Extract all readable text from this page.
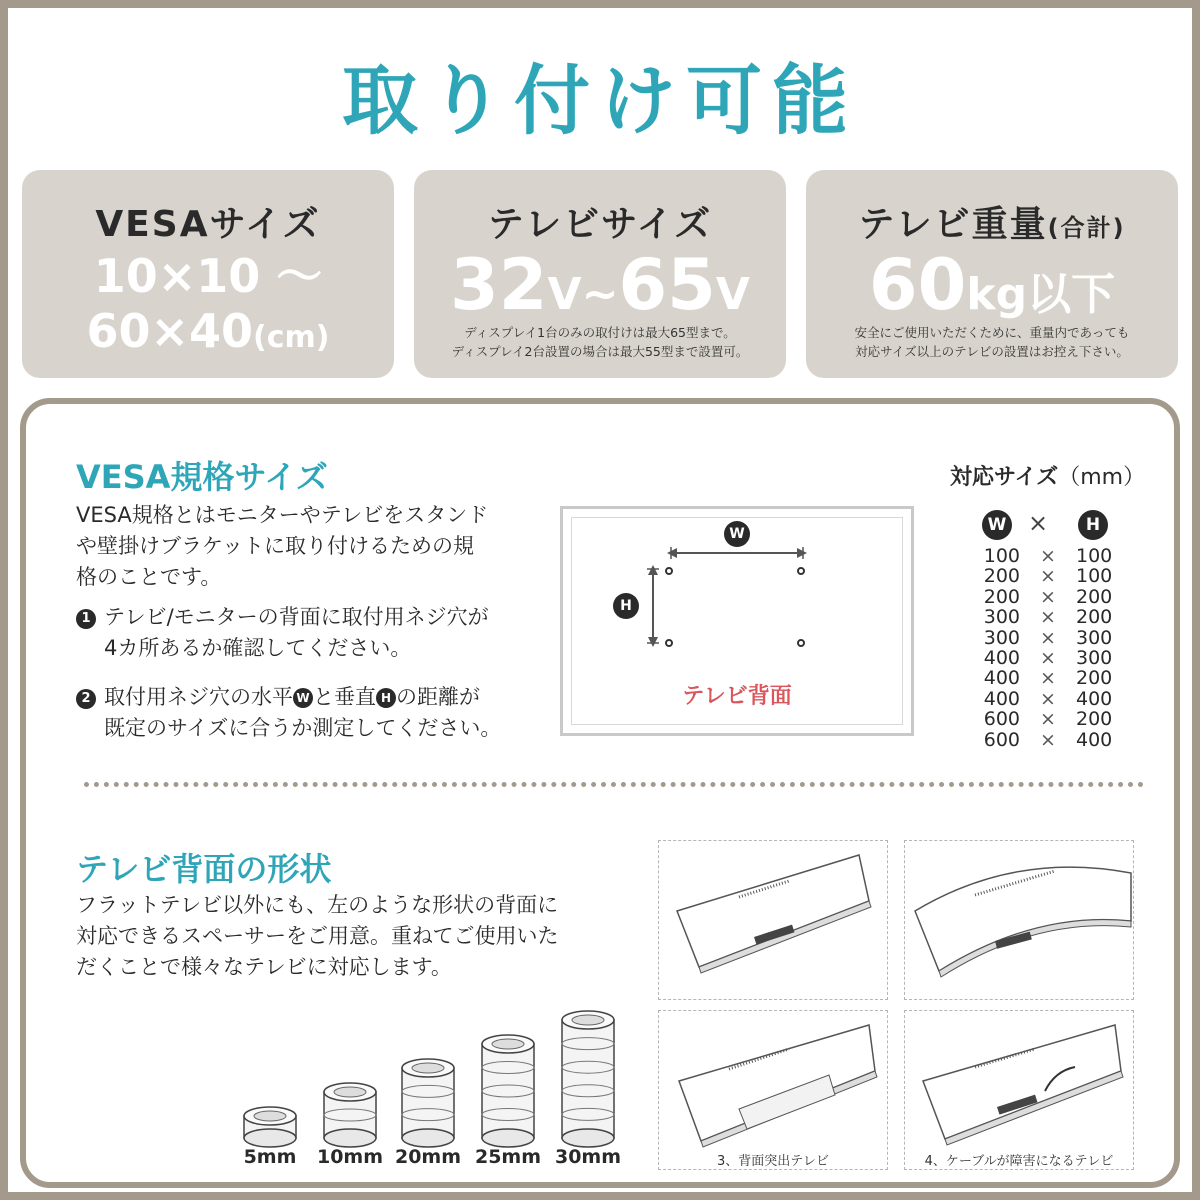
取り付け可能
VESAサイズ
10×10 ～
60×40(cm)
テレビサイズ
32V~65V
ディスプレイ1台のみの取付けは最大65型まで。
ディスプレイ2台設置の場合は最大55型まで設置可。
テレビ重量(合計)
60kg以下
安全にご使用いただくために、重量内であっても
対応サイズ以上のテレビの設置はお控え下さい。
VESA規格サイズ
VESA規格とはモニターやテレビをスタンド
や壁掛けブラケットに取り付けるための規
格のことです。
1 テレビ/モニターの背面に取付用ネジ穴が
4カ所あるか確認してください。
2 取付用ネジ穴の水平 W と垂直 H の距離が
既定のサイズに合うか測定してください。
W
H
テレビ背面
対応サイズ（mm）
W ×	H
100	×	100
200	×	100
200	×	200
300	×	200
300	×	300
400	×	300
400	×	200
400	×	400
600	×	200
600	×	400
テレビ背面の形状
フラットテレビ以外にも、左のような形状の背面に
対応できるスペーサーをご用意。重ねてご使用いた
だくことで様々なテレビに対応します。
5mm	10mm 20mm 25mm 30mm	3、背面突出テレビ	4、ケーブルが障害になるテレビ
